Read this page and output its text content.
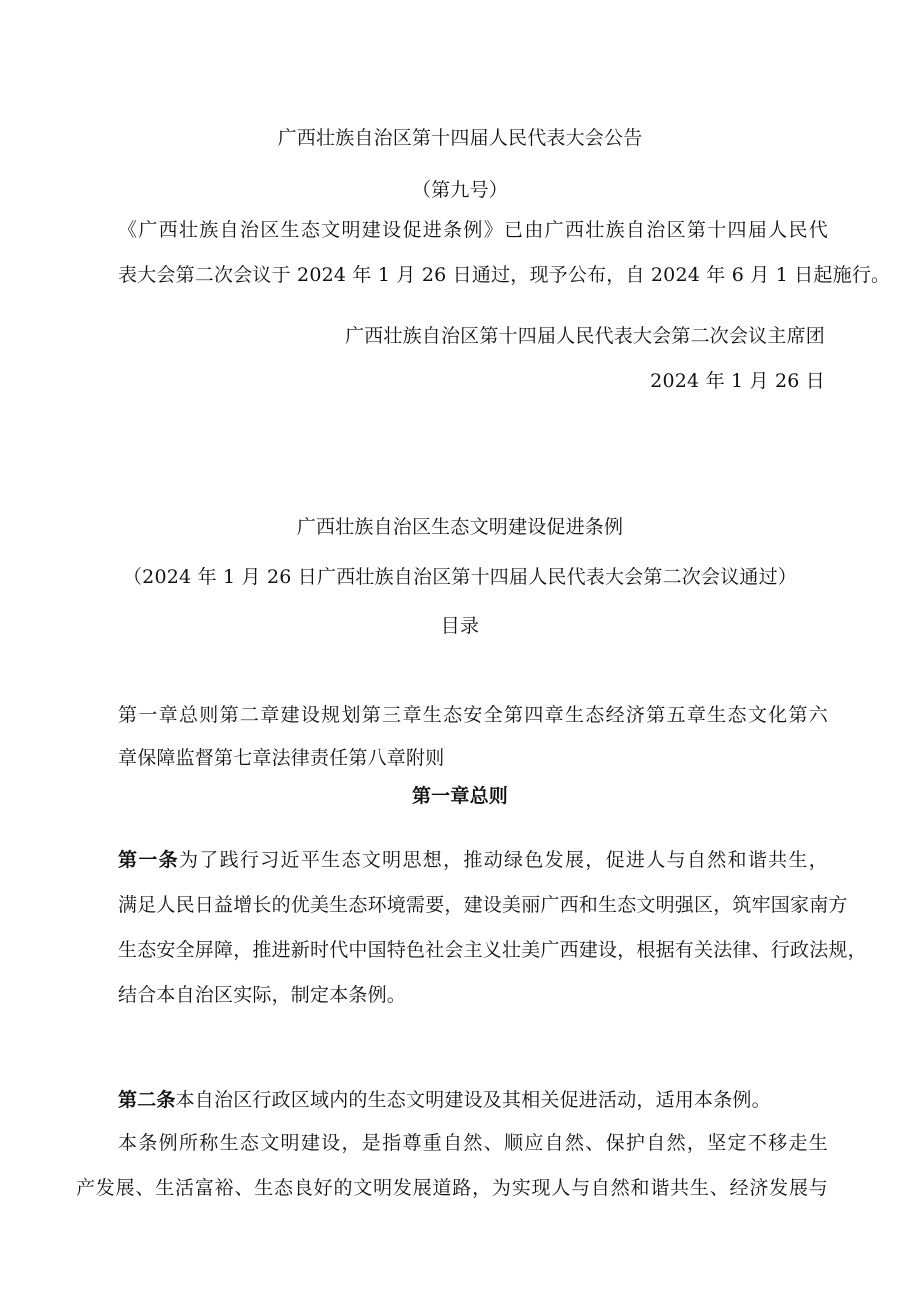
广西壮族自治区第十四届人民代表大会公告
（第九号）
《广西壮族自治区生态文明建设促进条例》已由广西壮族自治区第十四届人民代
表大会第二次会议于 2024 年 1 月 26 日通过，现予公布，自 2024 年 6 月 1 日起施行。
广西壮族自治区第十四届人民代表大会第二次会议主席团
2024 年 1 月 26 日
广西壮族自治区生态文明建设促进条例
（2024 年 1 月 26 日广西壮族自治区第十四届人民代表大会第二次会议通过）
目录
第一章总则第二章建设规划第三章生态安全第四章生态经济第五章生态文化第六
章保障监督第七章法律责任第八章附则
第一章总则
第一条为了践行习近平生态文明思想，推动绿色发展，促进人与自然和谐共生，
满足人民日益增长的优美生态环境需要，建设美丽广西和生态文明强区，筑牢国家南方
生态安全屏障，推进新时代中国特色社会主义壮美广西建设，根据有关法律、行政法规，
结合本自治区实际，制定本条例。
第二条本自治区行政区域内的生态文明建设及其相关促进活动，适用本条例。
本条例所称生态文明建设，是指尊重自然、顺应自然、保护自然，坚定不移走生
产发展、生活富裕、生态良好的文明发展道路，为实现人与自然和谐共生、经济发展与
